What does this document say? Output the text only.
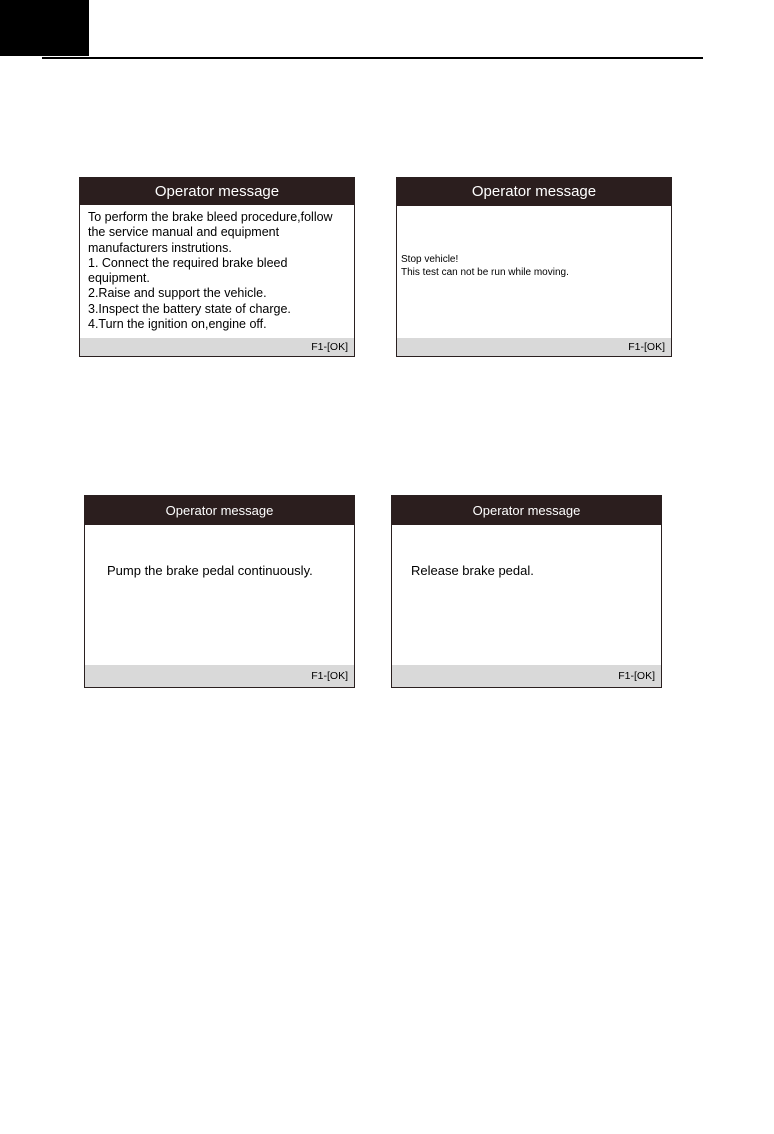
Operator message
To perform the brake bleed procedure,follow
the service manual and equipment
manufacturers instrutions.
1. Connect the required brake bleed
equipment.
2.Raise and support the vehicle.
3.Inspect the battery state of charge.
4.Turn the ignition on,engine off.
F1-[OK]
Operator message
Stop vehicle!
This test can not be run while moving.
F1-[OK]
Operator message
Pump the brake pedal continuously.
F1-[OK]
Operator message
Release brake pedal.
F1-[OK]
